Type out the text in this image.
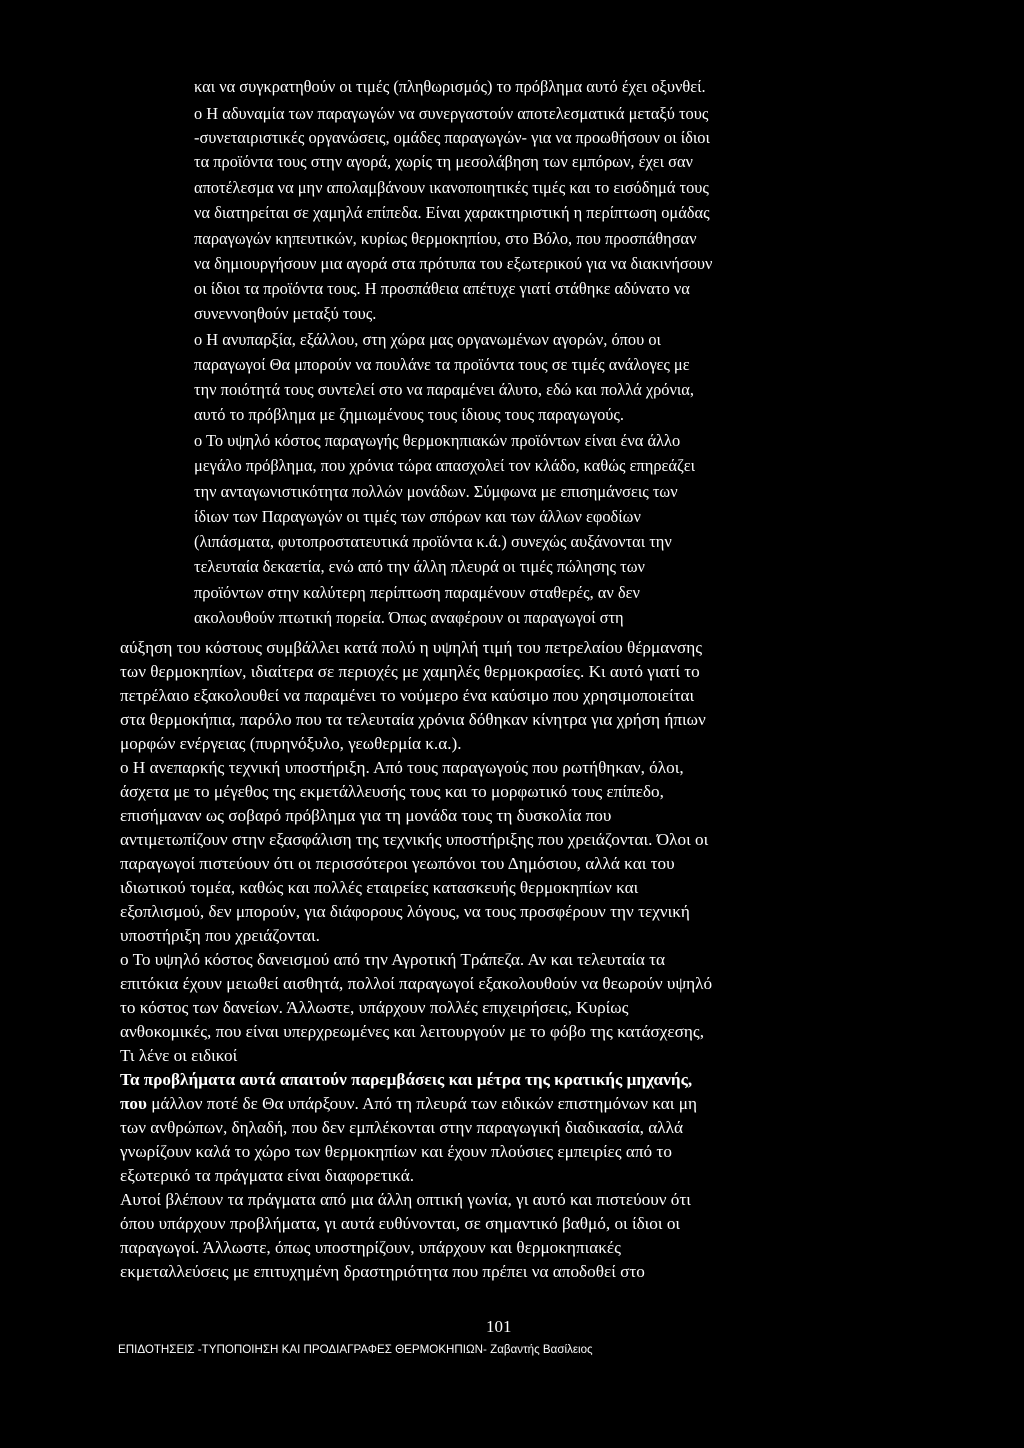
και να συγκρατηθούν οι τιμές (πληθωρισμός) το πρόβλημα αυτό έχει οξυνθεί.
ο Η αδυναμία των παραγωγών να συνεργαστούν αποτελεσματικά μεταξύ τους
-συνεταιριστικές οργανώσεις, ομάδες παραγωγών- για να προωθήσουν οι ίδιοι
τα προϊόντα τους στην αγορά, χωρίς τη μεσολάβηση των εμπόρων, έχει σαν
αποτέλεσμα να μην απολαμβάνουν ικανοποιητικές τιμές και το εισόδημά τους
να διατηρείται σε χαμηλά επίπεδα. Είναι χαρακτηριστική η περίπτωση ομάδας
παραγωγών κηπευτικών, κυρίως θερμοκηπίου, στο Βόλο, που προσπάθησαν
να δημιουργήσουν μια αγορά στα πρότυπα του εξωτερικού για να διακινήσουν
οι ίδιοι τα προϊόντα τους. Η προσπάθεια απέτυχε γιατί στάθηκε αδύνατο να
συνεννοηθούν μεταξύ τους.
ο Η ανυπαρξία, εξάλλου, στη χώρα μας οργανωμένων αγορών, όπου οι
παραγωγοί Θα μπορούν να πουλάνε τα προϊόντα τους σε τιμές ανάλογες με
την ποιότητά τους συντελεί στο να παραμένει άλυτο, εδώ και πολλά χρόνια,
αυτό το πρόβλημα με ζημιωμένους τους ίδιους τους παραγωγούς.
ο Το υψηλό κόστος παραγωγής θερμοκηπιακών προϊόντων είναι ένα άλλο
μεγάλο πρόβλημα, που χρόνια τώρα απασχολεί τον κλάδο, καθώς επηρεάζει
την ανταγωνιστικότητα πολλών μονάδων. Σύμφωνα με επισημάνσεις των
ίδιων των Παραγωγών οι τιμές των σπόρων και των άλλων εφοδίων
(λιπάσματα, φυτοπροστατευτικά προϊόντα κ.ά.) συνεχώς αυξάνονται την
τελευταία δεκαετία, ενώ από την άλλη πλευρά οι τιμές πώλησης των
προϊόντων στην καλύτερη περίπτωση παραμένουν σταθερές, αν δεν
ακολουθούν πτωτική πορεία. Όπως αναφέρουν οι παραγωγοί στη
αύξηση του κόστους συμβάλλει κατά πολύ η υψηλή τιμή του πετρελαίου θέρμανσης
των θερμοκηπίων, ιδιαίτερα σε περιοχές με χαμηλές θερμοκρασίες. Κι αυτό γιατί το
πετρέλαιο εξακολουθεί να παραμένει το νούμερο ένα καύσιμο που χρησιμοποιείται
στα θερμοκήπια, παρόλο που τα τελευταία χρόνια δόθηκαν κίνητρα για χρήση ήπιων
μορφών ενέργειας (πυρηνόξυλο, γεωθερμία κ.α.).
ο Η ανεπαρκής τεχνική υποστήριξη. Από τους παραγωγούς που ρωτήθηκαν, όλοι,
άσχετα με το μέγεθος της εκμετάλλευσής τους και το μορφωτικό τους επίπεδο,
επισήμαναν ως σοβαρό πρόβλημα για τη μονάδα τους τη δυσκολία που
αντιμετωπίζουν στην εξασφάλιση της τεχνικής υποστήριξης που χρειάζονται. Όλοι οι
παραγωγοί πιστεύουν ότι οι περισσότεροι γεωπόνοι του Δημόσιου, αλλά και του
ιδιωτικού τομέα, καθώς και πολλές εταιρείες κατασκευής θερμοκηπίων και
εξοπλισμού, δεν μπορούν, για διάφορους λόγους, να τους προσφέρουν την τεχνική
υποστήριξη που χρειάζονται.
ο Το υψηλό κόστος δανεισμού από την Αγροτική Τράπεζα. Αν και τελευταία τα
επιτόκια έχουν μειωθεί αισθητά, πολλοί παραγωγοί εξακολουθούν να θεωρούν υψηλό
το κόστος των δανείων. Άλλωστε, υπάρχουν πολλές επιχειρήσεις, Κυρίως
ανθοκομικές, που είναι υπερχρεωμένες και λειτουργούν με το φόβο της κατάσχεσης,
Τι λένε οι ειδικοί
Τα προβλήματα αυτά απαιτούν παρεμβάσεις και μέτρα της κρατικής μηχανής,
που μάλλον ποτέ δε Θα υπάρξουν. Από τη πλευρά των ειδικών επιστημόνων και μη
των ανθρώπων, δηλαδή, που δεν εμπλέκονται στην παραγωγική διαδικασία, αλλά
γνωρίζουν καλά το χώρο των θερμοκηπίων και έχουν πλούσιες εμπειρίες από το
εξωτερικό τα πράγματα είναι διαφορετικά.
Αυτοί βλέπουν τα πράγματα από μια άλλη οπτική γωνία, γι αυτό και πιστεύουν ότι
όπου υπάρχουν προβλήματα, γι αυτά ευθύνονται, σε σημαντικό βαθμό, οι ίδιοι οι
παραγωγοί. Άλλωστε, όπως υποστηρίζουν, υπάρχουν και θερμοκηπιακές
εκμεταλλεύσεις με επιτυχημένη δραστηριότητα που πρέπει να αποδοθεί στο
101
ΕΠΙΔΟΤΗΣΕΙΣ -ΤΥΠΟΠΟΙΗΣΗ ΚΑΙ ΠΡΟΔΙΑΓΡΑΦΕΣ ΘΕΡΜΟΚΗΠΙΩΝ- Ζαβαντής Βασίλειος
